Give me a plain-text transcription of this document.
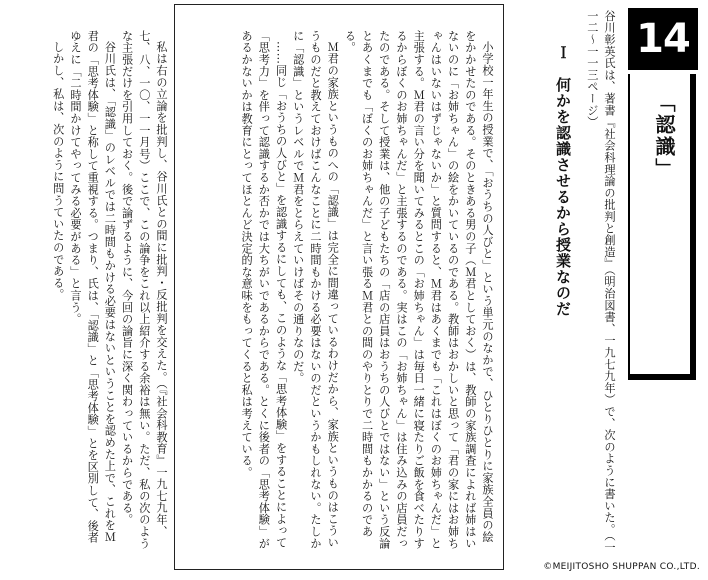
14
「認識」
Ｉ　何かを認識させるから授業なのだ	谷川彰英氏は、著書『社会科理論の批判と創造』（明治図書、一九七九年）で、次のように書いた。（一一二～一一三ページ）

小学校一年生の授業で、「おうちの人びと」という単元のなかで、ひとりひとりに家族全員の絵をかかせたのである。そのときある男の子（Ｍ君としておく）は、教師の家族調査によれば姉はいないのに「お姉ちゃん」の絵をかいているのである。教師はおかしいと思って「君の家にはお姉ちゃんはいないはずじゃないか」と質問すると、Ｍ君はあくまでも「これはぼくのお姉ちゃんだ」と主張する。Ｍ君の言い分を聞いてみるとこの「お姉ちゃん」は毎日一緒に寝たりご飯を食べたりするからぼくのお姉ちゃんだ」と主張するのである。実はこの「お姉ちゃん」は住み込みの店員だったのである。そして授業は、他の子どもたちの「店の店員はおうちの人びとではない」という反論とあくまでも「ぼくのお姉ちゃんだ」と言い張るＭ君との間のやりとりで二時間もかかるのである。

Ｍ君の家族というものへの「認識」は完全に間違っているわけだから、家族というものはこういうものだと教えておけばこんなことに二時間もかける必要はないのだというかもしれない。たしかに「認識」というレベルでＭ君をとらえていけばその通りなのだ。

……同じ「おうちの人びと」を認識するにしても、このような「思考体験」をすることによって「思考力」を伴って認識するか否かでは大ちがいであるからである。とくに後者の「思考体験」があるかないかは教育にとってほとんど決定的な意味をもってくると私は考えている。

私は右の立論を批判し、谷川氏との間に批判・反批判を交えた。（『社会科教育』一九七九年、七、八、一〇、一一月号）ここで、この論争をこれ以上紹介する余裕は無い。ただ、私の次のような主張だけを引用しておく。後で論ずるように、今回の論旨に深く関わっているからである。

谷川氏は、「認識」のレベルでは二時間もかける必要はないということを認めた上で、これをＭ君の「思考体験」と称して重視する。つまり、氏は、「認識」と「思考体験」とを区別して、後者ゆえに「二時間かけてやってみる必要がある」と言う。

しかし、私は、次のように問うていたのである。

©MEIJITOSHO SHUPPAN CO.,LTD.
